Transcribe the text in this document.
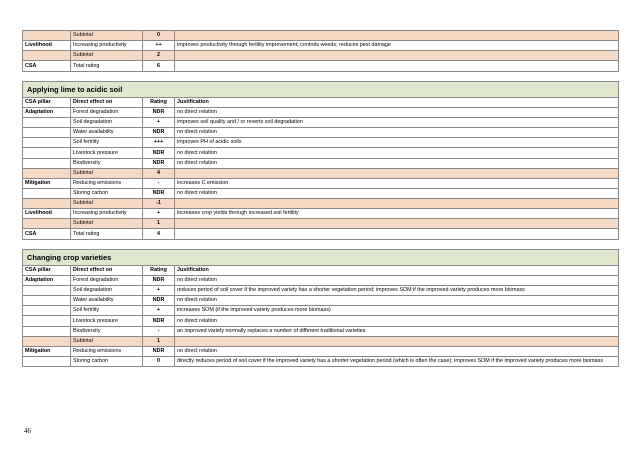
	Subtotal	0	
Livelihood	Increasing productivity	++	improves productivity through fertility improvement; controls weeds; reduces pest damage
	Subtotal	2	
CSA	Total rating	6	
Applying lime to acidic soil			
CSA pillar	Direct effect on	Rating	Justification
Adaptation	Forest degradation	NDR	no direct relation
	Soil degradation	+	improves soil quality and / or reverts soil degradation
	Water availability	NDR	no direct relation
	Soil fertility	+++	improves PH of acidic soils
	Livestock pressure	NDR	no direct relation
	Biodiversity	NDR	no direct relation
	Subtotal	4	
Mitigation	Reducing emissions	-	increases C emission
	Storing carbon	NDR	no direct relation
	Subtotal	-1	
Livelihood	Increasing productivity	+	increases crop yields through increased soil fertility
	Subtotal	1	
CSA	Total rating	4	
Changing crop varieties			
CSA pillar	Direct effect on	Rating	Justification
Adaptation	Forest degradation	NDR	no direct relation
	Soil degradation	+	reduces period of soil cover if the improved variety has a shorter vegetation period; improves SOM if the improved variety produces more biomass
	Water availability	NDR	no direct relation
	Soil fertility	+	increases SOM (if the improved variety produces more biomass)
	Livestock pressure	NDR	no direct relation
	Biodiversity	-	an improved variety normally replaces a number of different traditional varieties
	Subtotal	1	
Mitigation	Reducing emissions	NDR	no direct relation
	Storing carbon	0	directly reduces period of soil cover if the improved variety has a shorter vegetation period (which is often the case); improves SOM if the improved variety produces more biomass
46
